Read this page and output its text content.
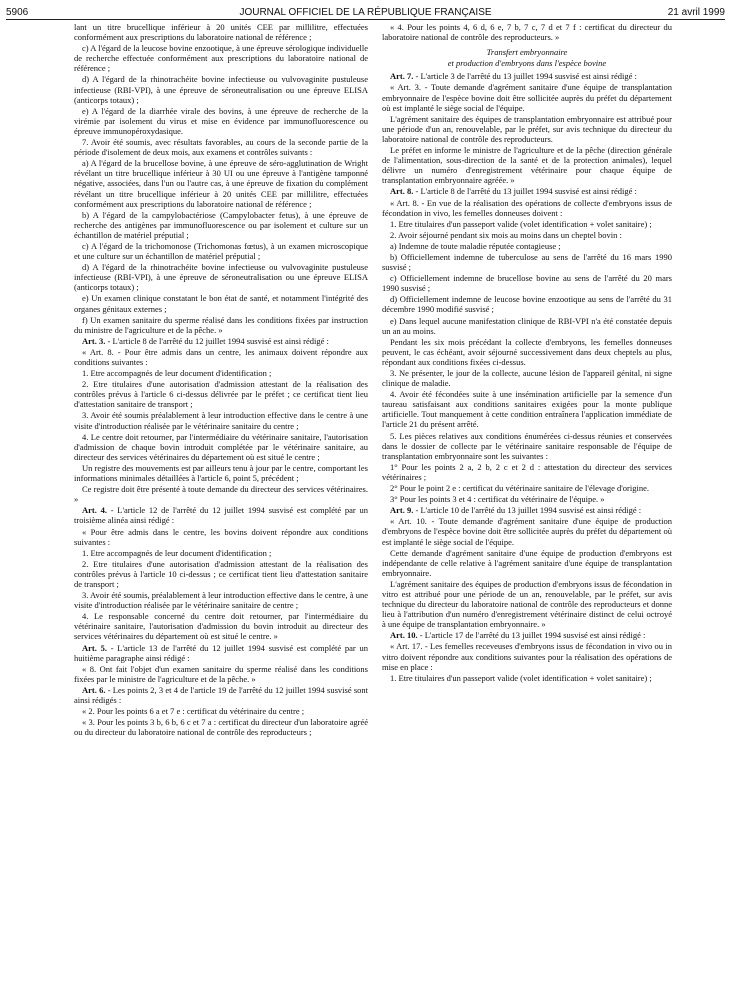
5906	JOURNAL OFFICIEL DE LA RÉPUBLIQUE FRANÇAISE	21 avril 1999

lant un titre brucellique inférieur à 20 unités CEE par millilitre, effectuées conformément aux prescriptions du laboratoire national de référence ;

c) A l'égard de la leucose bovine enzootique, à une épreuve sérologique individuelle de recherche effectuée conformément aux prescriptions du laboratoire national de référence ;

d) A l'égard de la rhinotrachéite bovine infectieuse ou vulvovaginite pustuleuse infectieuse (RBI-VPI), à une épreuve de séroneutralisation ou une épreuve ELISA (anticorps totaux) ;

e) A l'égard de la diarrhée virale des bovins, à une épreuve de recherche de la virémie par isolement du virus et mise en évidence par immunofluorescence ou épreuve immunopéroxydasique.

7. Avoir été soumis, avec résultats favorables, au cours de la seconde partie de la période d'isolement de deux mois, aux examens et contrôles suivants :

a) A l'égard de la brucellose bovine, à une épreuve de séro-agglutination de Wright révélant un titre brucellique inférieur à 30 UI ou une épreuve à l'antigène tamponné négative, associées, dans l'un ou l'autre cas, à une épreuve de fixation du complément révélant un titre brucellique inférieur à 20 unités CEE par millilitre, effectuées conformément aux prescriptions du laboratoire national de référence ;

b) A l'égard de la campylobactériose (Campylobacter fetus), à une épreuve de recherche des antigènes par immunofluorescence ou par isolement et culture sur un échantillon de matériel préputial ;

c) A l'égard de la trichomonose (Trichomonas fœtus), à un examen microscopique et une culture sur un échantillon de matériel préputial ;

d) A l'égard de la rhinotrachéite bovine infectieuse ou vulvovaginite pustuleuse infectieuse (RBI-VPI), à une épreuve de séroneutralisation ou une épreuve ELISA (anticorps totaux) ;

e) Un examen clinique constatant le bon état de santé, et notamment l'intégrité des organes génitaux externes ;

f) Un examen sanitaire du sperme réalisé dans les conditions fixées par instruction du ministre de l'agriculture et de la pêche. »

Art. 3. - L'article 8 de l'arrêté du 12 juillet 1994 susvisé est ainsi rédigé :

« Art. 8. - Pour être admis dans un centre, les animaux doivent répondre aux conditions suivantes :

1. Etre accompagnés de leur document d'identification ;

2. Etre titulaires d'une autorisation d'admission attestant de la réalisation des contrôles prévus à l'article 6 ci-dessus délivrée par le préfet ; ce certificat tient lieu d'attestation sanitaire de transport ;

3. Avoir été soumis préalablement à leur introduction effective dans le centre à une visite d'introduction réalisée par le vétérinaire sanitaire du centre ;

4. Le centre doit retourner, par l'intermédiaire du vétérinaire sanitaire, l'autorisation d'admission de chaque bovin introduit complétée par le vétérinaire sanitaire, au directeur des services vétérinaires du département où est situé le centre ;

Un registre des mouvements est par ailleurs tenu à jour par le centre, comportant les informations minimales détaillées à l'article 6, point 5, précédent ;

Ce registre doit être présenté à toute demande du directeur des services vétérinaires. »

Art. 4. - L'article 12 de l'arrêté du 12 juillet 1994 susvisé est complété par un troisième alinéa ainsi rédigé :

« Pour être admis dans le centre, les bovins doivent répondre aux conditions suivantes :

1. Etre accompagnés de leur document d'identification ;

2. Etre titulaires d'une autorisation d'admission attestant de la réalisation des contrôles prévus à l'article 10 ci-dessus ; ce certificat tient lieu d'attestation sanitaire de transport ;

3. Avoir été soumis, préalablement à leur introduction effective dans le centre, à une visite d'introduction réalisée par le vétérinaire sanitaire de centre ;

4. Le responsable concerné du centre doit retourner, par l'intermédiaire du vétérinaire sanitaire, l'autorisation d'admission du bovin introduit au directeur des services vétérinaires du département où est situé le centre. »

Art. 5. - L'article 13 de l'arrêté du 12 juillet 1994 susvisé est complété par un huitième paragraphe ainsi rédigé :

« 8. Ont fait l'objet d'un examen sanitaire du sperme réalisé dans les conditions fixées par le ministre de l'agriculture et de la pêche. »

Art. 6. - Les points 2, 3 et 4 de l'article 19 de l'arrêté du 12 juillet 1994 susvisé sont ainsi rédigés :

« 2. Pour les points 6 a et 7 e : certificat du vétérinaire du centre ;

« 3. Pour les points 3 b, 6 b, 6 c et 7 a : certificat du directeur d'un laboratoire agréé ou du directeur du laboratoire national de contrôle des reproducteurs ;

« 4. Pour les points 4, 6 d, 6 e, 7 b, 7 c, 7 d et 7 f : certificat du directeur du laboratoire national de contrôle des reproducteurs. »

Transfert embryonnaire

et production d'embryons dans l'espèce bovine

Art. 7. - L'article 3 de l'arrêté du 13 juillet 1994 susvisé est ainsi rédigé :

« Art. 3. - Toute demande d'agrément sanitaire d'une équipe de transplantation embryonnaire de l'espèce bovine doit être sollicitée auprès du préfet du département où est implanté le siège social de l'équipe.

L'agrément sanitaire des équipes de transplantation embryonnaire est attribué pour une période d'un an, renouvelable, par le préfet, sur avis technique du directeur du laboratoire national de contrôle des reproducteurs.

Le préfet en informe le ministre de l'agriculture et de la pêche (direction générale de l'alimentation, sous-direction de la santé et de la protection animales), lequel délivre un numéro d'enregistrement vétérinaire pour chaque équipe de transplantation embryonnaire agréée. »

Art. 8. - L'article 8 de l'arrêté du 13 juillet 1994 susvisé est ainsi rédigé :

« Art. 8. - En vue de la réalisation des opérations de collecte d'embryons issus de fécondation in vivo, les femelles donneuses doivent :

1. Etre titulaires d'un passeport valide (volet identification + volet sanitaire) ;

2. Avoir séjourné pendant six mois au moins dans un cheptel bovin :

a) Indemne de toute maladie réputée contagieuse ;

b) Officiellement indemne de tuberculose au sens de l'arrêté du 16 mars 1990 susvisé ;

c) Officiellement indemne de brucellose bovine au sens de l'arrêté du 20 mars 1990 susvisé ;

d) Officiellement indemne de leucose bovine enzootique au sens de l'arrêté du 31 décembre 1990 modifié susvisé ;

e) Dans lequel aucune manifestation clinique de RBI-VPI n'a été constatée depuis un an au moins.

Pendant les six mois précédant la collecte d'embryons, les femelles donneuses peuvent, le cas échéant, avoir séjourné successivement dans deux cheptels au plus, répondant aux conditions fixées ci-dessus.

3. Ne présenter, le jour de la collecte, aucune lésion de l'appareil génital, ni signe clinique de maladie.

4. Avoir été fécondées suite à une insémination artificielle par la semence d'un taureau satisfaisant aux conditions sanitaires exigées pour la monte publique artificielle. Tout manquement à cette condition entraînera l'application immédiate de l'article 21 du présent arrêté.

5. Les pièces relatives aux conditions énumérées ci-dessus réunies et conservées dans le dossier de collecte par le vétérinaire sanitaire responsable de l'équipe de transplantation embryonnaire sont les suivantes :

1° Pour les points 2 a, 2 b, 2 c et 2 d : attestation du directeur des services vétérinaires ;

2° Pour le point 2 e : certificat du vétérinaire sanitaire de l'élevage d'origine.

3° Pour les points 3 et 4 : certificat du vétérinaire de l'équipe. »

Art. 9. - L'article 10 de l'arrêté du 13 juillet 1994 susvisé est ainsi rédigé :

« Art. 10. - Toute demande d'agrément sanitaire d'une équipe de production d'embryons de l'espèce bovine doit être sollicitée auprès du préfet du département où est implanté le siège social de l'équipe.

Cette demande d'agrément sanitaire d'une équipe de production d'embryons est indépendante de celle relative à l'agrément sanitaire d'une équipe de transplantation embryonnaire.

L'agrément sanitaire des équipes de production d'embryons issus de fécondation in vitro est attribué pour une période de un an, renouvelable, par le préfet, sur avis technique du directeur du laboratoire national de contrôle des reproducteurs et donne lieu à l'attribution d'un numéro d'enregistrement vétérinaire distinct de celui octroyé à une équipe de transplantation embryonnaire. »

Art. 10. - L'article 17 de l'arrêté du 13 juillet 1994 susvisé est ainsi rédigé :

« Art. 17. - Les femelles receveuses d'embryons issus de fécondation in vivo ou in vitro doivent répondre aux conditions suivantes pour la réalisation des opérations de mise en place :

1. Etre titulaires d'un passeport valide (volet identification + volet sanitaire) ;
